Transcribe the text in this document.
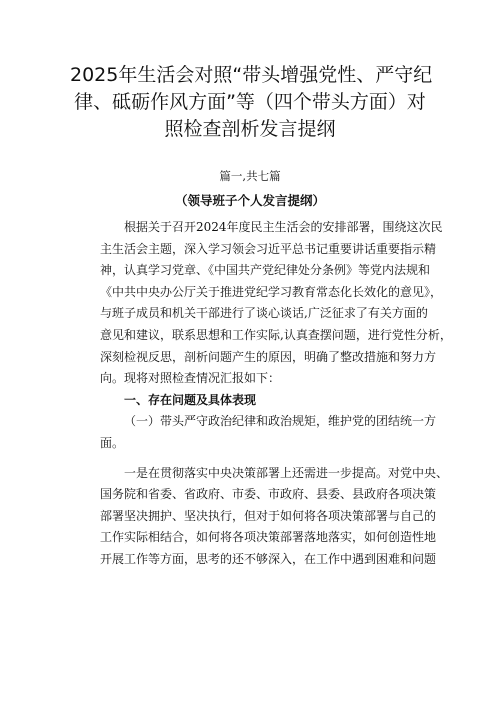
2025年生活会对照“带头增强党性、严守纪
律、砥砺作风方面”等（四个带头方面）对
照检查剖析发言提纲
篇一,共七篇
（领导班子个人发言提纲）
根据关于召开2024年度民主生活会的安排部署，围绕这次民
主生活会主题，深入学习领会习近平总书记重要讲话重要指示精
神，认真学习党章、《中国共产党纪律处分条例》等党内法规和
《中共中央办公厅关于推进党纪学习教育常态化长效化的意见》，
与班子成员和机关干部进行了谈心谈话,广泛征求了有关方面的
意见和建议，联系思想和工作实际,认真查摆问题，进行党性分析，
深刻检视反思，剖析问题产生的原因，明确了整改措施和努力方
向。现将对照检查情况汇报如下：
一、存在问题及具体表现
（一）带头严守政治纪律和政治规矩，维护党的团结统一方
面。
一是在贯彻落实中央决策部署上还需进一步提高。对党中央、
国务院和省委、省政府、市委、市政府、县委、县政府各项决策
部署坚决拥护、坚决执行，但对于如何将各项决策部署与自己的
工作实际相结合，如何将各项决策部署落地落实，如何创造性地
开展工作等方面，思考的还不够深入，在工作中遇到困难和问题
